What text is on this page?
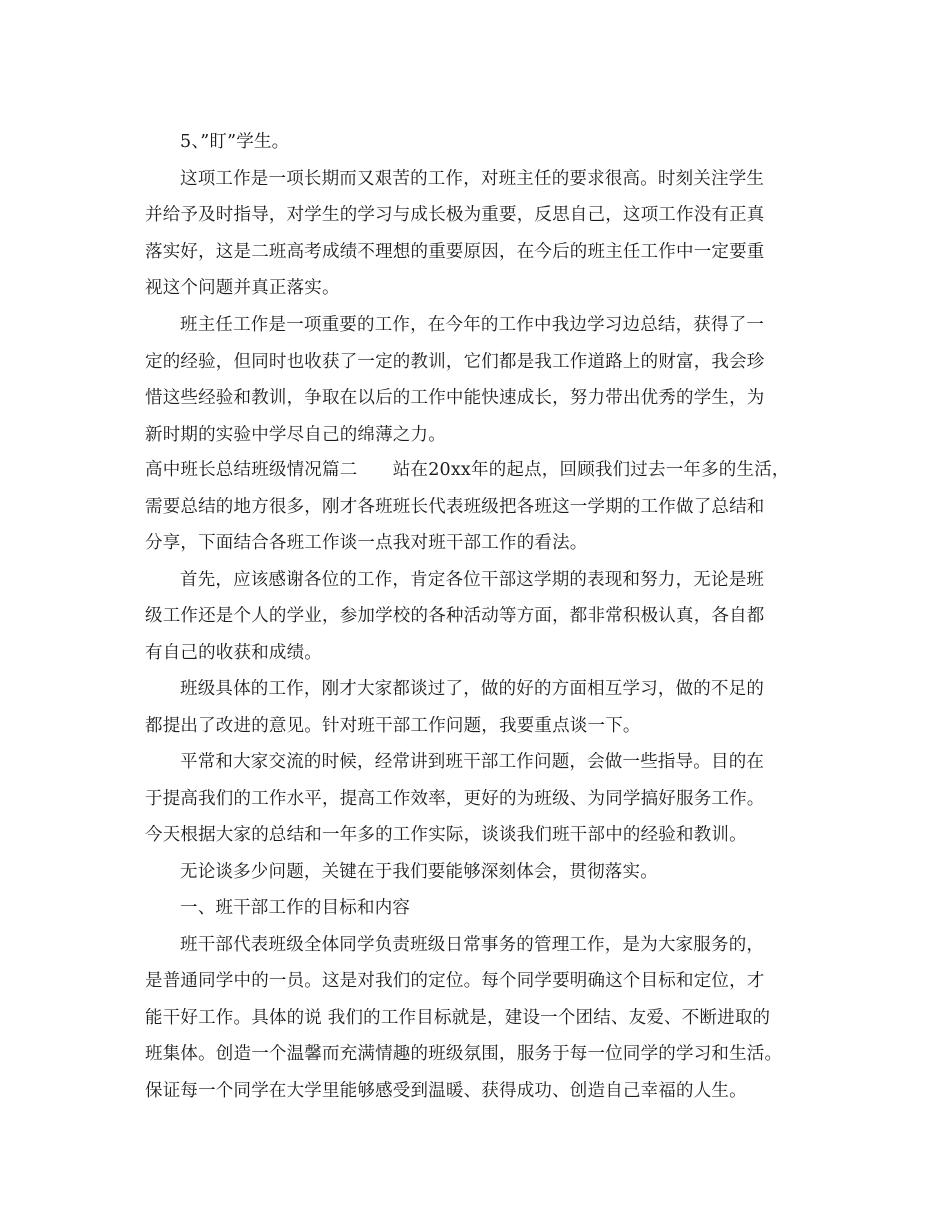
5、”盯”学生。
这项工作是一项长期而又艰苦的工作，对班主任的要求很高。时刻关注学生
并给予及时指导，对学生的学习与成长极为重要，反思自己，这项工作没有正真
落实好，这是二班高考成绩不理想的重要原因，在今后的班主任工作中一定要重
视这个问题并真正落实。
班主任工作是一项重要的工作，在今年的工作中我边学习边总结，获得了一
定的经验，但同时也收获了一定的教训，它们都是我工作道路上的财富，我会珍
惜这些经验和教训，争取在以后的工作中能快速成长，努力带出优秀的学生，为
新时期的实验中学尽自己的绵薄之力。
高中班长总结班级情况篇二　　站在20xx年的起点，回顾我们过去一年多的生活，
需要总结的地方很多，刚才各班班长代表班级把各班这一学期的工作做了总结和
分享，下面结合各班工作谈一点我对班干部工作的看法。
首先，应该感谢各位的工作，肯定各位干部这学期的表现和努力，无论是班
级工作还是个人的学业，参加学校的各种活动等方面，都非常积极认真，各自都
有自己的收获和成绩。
班级具体的工作，刚才大家都谈过了，做的好的方面相互学习，做的不足的
都提出了改进的意见。针对班干部工作问题，我要重点谈一下。
平常和大家交流的时候，经常讲到班干部工作问题，会做一些指导。目的在
于提高我们的工作水平，提高工作效率，更好的为班级、为同学搞好服务工作。
今天根据大家的总结和一年多的工作实际，谈谈我们班干部中的经验和教训。
无论谈多少问题，关键在于我们要能够深刻体会，贯彻落实。
一、班干部工作的目标和内容
班干部代表班级全体同学负责班级日常事务的管理工作，是为大家服务的，
是普通同学中的一员。这是对我们的定位。每个同学要明确这个目标和定位，才
能干好工作。具体的说 我们的工作目标就是，建设一个团结、友爱、不断进取的
班集体。创造一个温馨而充满情趣的班级氛围，服务于每一位同学的学习和生活。
保证每一个同学在大学里能够感受到温暖、获得成功、创造自己幸福的人生。
